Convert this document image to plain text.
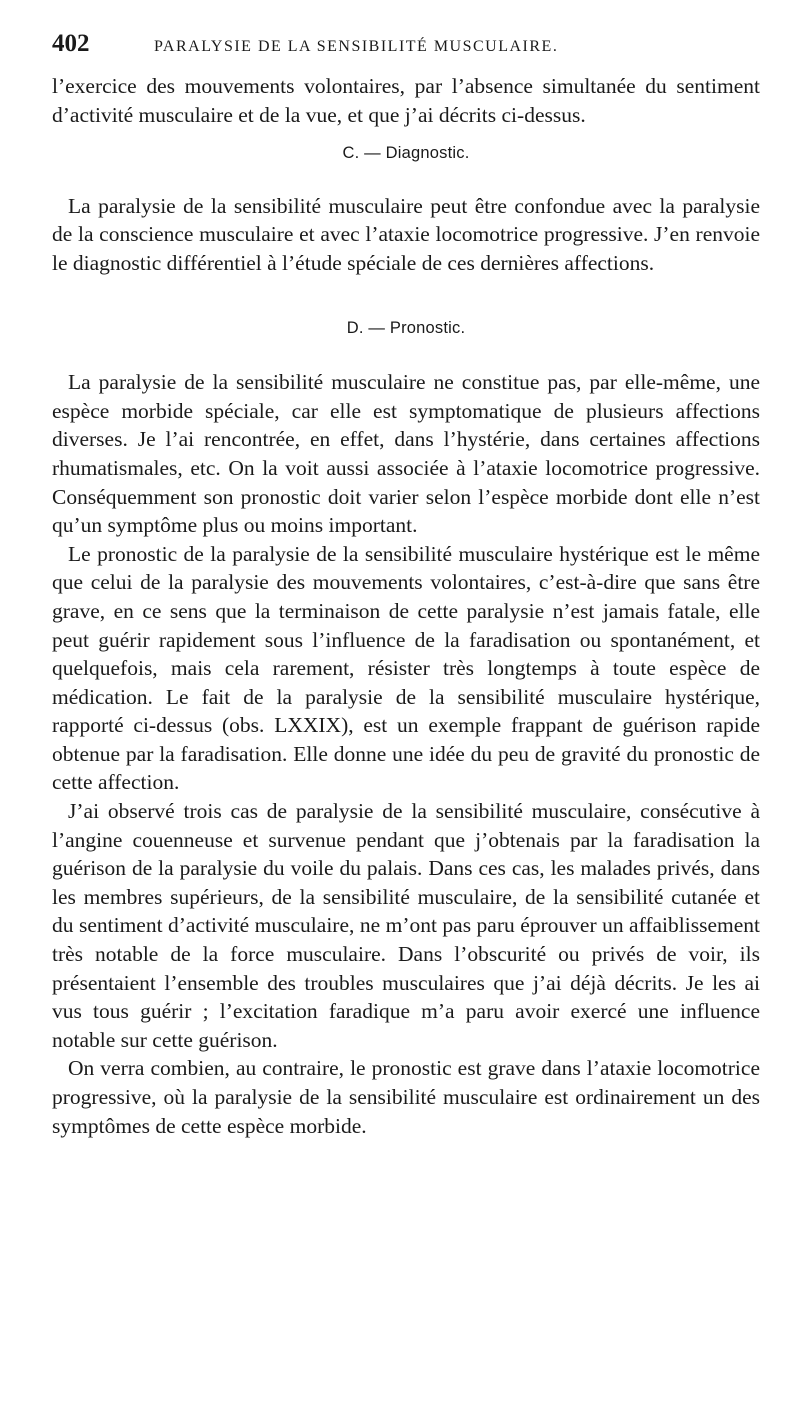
402	PARALYSIE DE LA SENSIBILITÉ MUSCULAIRE.

l’exercice des mouvements volontaires, par l’absence simultanée du sentiment d’activité musculaire et de la vue, et que j’ai décrits ci-dessus.

C. — Diagnostic.

La paralysie de la sensibilité musculaire peut être confondue avec la paralysie de la conscience musculaire et avec l’ataxie locomotrice progressive. J’en renvoie le diagnostic différentiel à l’étude spéciale de ces dernières affections.

D. — Pronostic.

La paralysie de la sensibilité musculaire ne constitue pas, par elle-même, une espèce morbide spéciale, car elle est symptomatique de plusieurs affections diverses. Je l’ai rencontrée, en effet, dans l’hystérie, dans certaines affections rhumatismales, etc. On la voit aussi associée à l’ataxie locomotrice progressive. Conséquemment son pronostic doit varier selon l’espèce morbide dont elle n’est qu’un symptôme plus ou moins important.

Le pronostic de la paralysie de la sensibilité musculaire hystérique est le même que celui de la paralysie des mouvements volontaires, c’est-à-dire que sans être grave, en ce sens que la terminaison de cette paralysie n’est jamais fatale, elle peut guérir rapidement sous l’influence de la faradisation ou spontanément, et quelquefois, mais cela rarement, résister très longtemps à toute espèce de médication. Le fait de la paralysie de la sensibilité musculaire hystérique, rapporté ci-dessus (obs. LXXIX), est un exemple frappant de guérison rapide obtenue par la faradisation. Elle donne une idée du peu de gravité du pronostic de cette affection.

J’ai observé trois cas de paralysie de la sensibilité musculaire, consécutive à l’angine couenneuse et survenue pendant que j’obtenais par la faradisation la guérison de la paralysie du voile du palais. Dans ces cas, les malades privés, dans les membres supérieurs, de la sensibilité musculaire, de la sensibilité cutanée et du sentiment d’activité musculaire, ne m’ont pas paru éprouver un affaiblissement très notable de la force musculaire. Dans l’obscurité ou privés de voir, ils présentaient l’ensemble des troubles musculaires que j’ai déjà décrits. Je les ai vus tous guérir ; l’excitation faradique m’a paru avoir exercé une influence notable sur cette guérison.

On verra combien, au contraire, le pronostic est grave dans l’ataxie locomotrice progressive, où la paralysie de la sensibilité musculaire est ordinairement un des symptômes de cette espèce morbide.
